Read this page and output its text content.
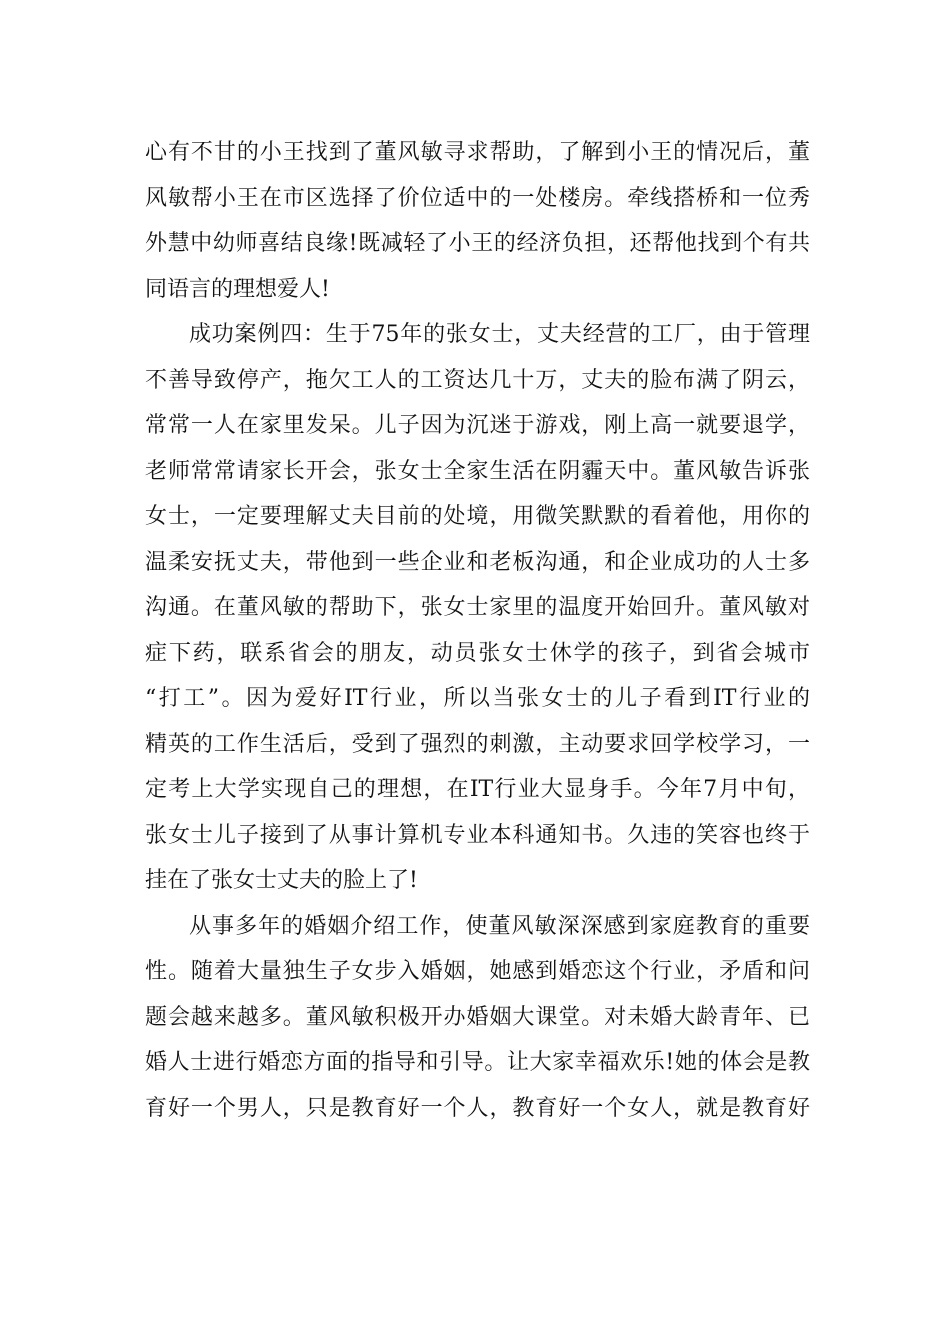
心有不甘的小王找到了董风敏寻求帮助，了解到小王的情况后，董
风敏帮小王在市区选择了价位适中的一处楼房。牵线搭桥和一位秀
外慧中幼师喜结良缘!既减轻了小王的经济负担，还帮他找到个有共
同语言的理想爱人!
成功案例四：生于75年的张女士，丈夫经营的工厂，由于管理
不善导致停产，拖欠工人的工资达几十万，丈夫的脸布满了阴云，
常常一人在家里发呆。儿子因为沉迷于游戏，刚上高一就要退学，
老师常常请家长开会，张女士全家生活在阴霾天中。董风敏告诉张
女士，一定要理解丈夫目前的处境，用微笑默默的看着他，用你的
温柔安抚丈夫，带他到一些企业和老板沟通，和企业成功的人士多
沟通。在董风敏的帮助下，张女士家里的温度开始回升。董风敏对
症下药，联系省会的朋友，动员张女士休学的孩子，到省会城市
“打工”。因为爱好IT行业，所以当张女士的儿子看到IT行业的
精英的工作生活后，受到了强烈的刺激，主动要求回学校学习，一
定考上大学实现自己的理想，在IT行业大显身手。今年7月中旬，
张女士儿子接到了从事计算机专业本科通知书。久违的笑容也终于
挂在了张女士丈夫的脸上了!
从事多年的婚姻介绍工作，使董风敏深深感到家庭教育的重要
性。随着大量独生子女步入婚姻，她感到婚恋这个行业，矛盾和问
题会越来越多。董风敏积极开办婚姻大课堂。对未婚大龄青年、已
婚人士进行婚恋方面的指导和引导。让大家幸福欢乐!她的体会是教
育好一个男人，只是教育好一个人，教育好一个女人，就是教育好
